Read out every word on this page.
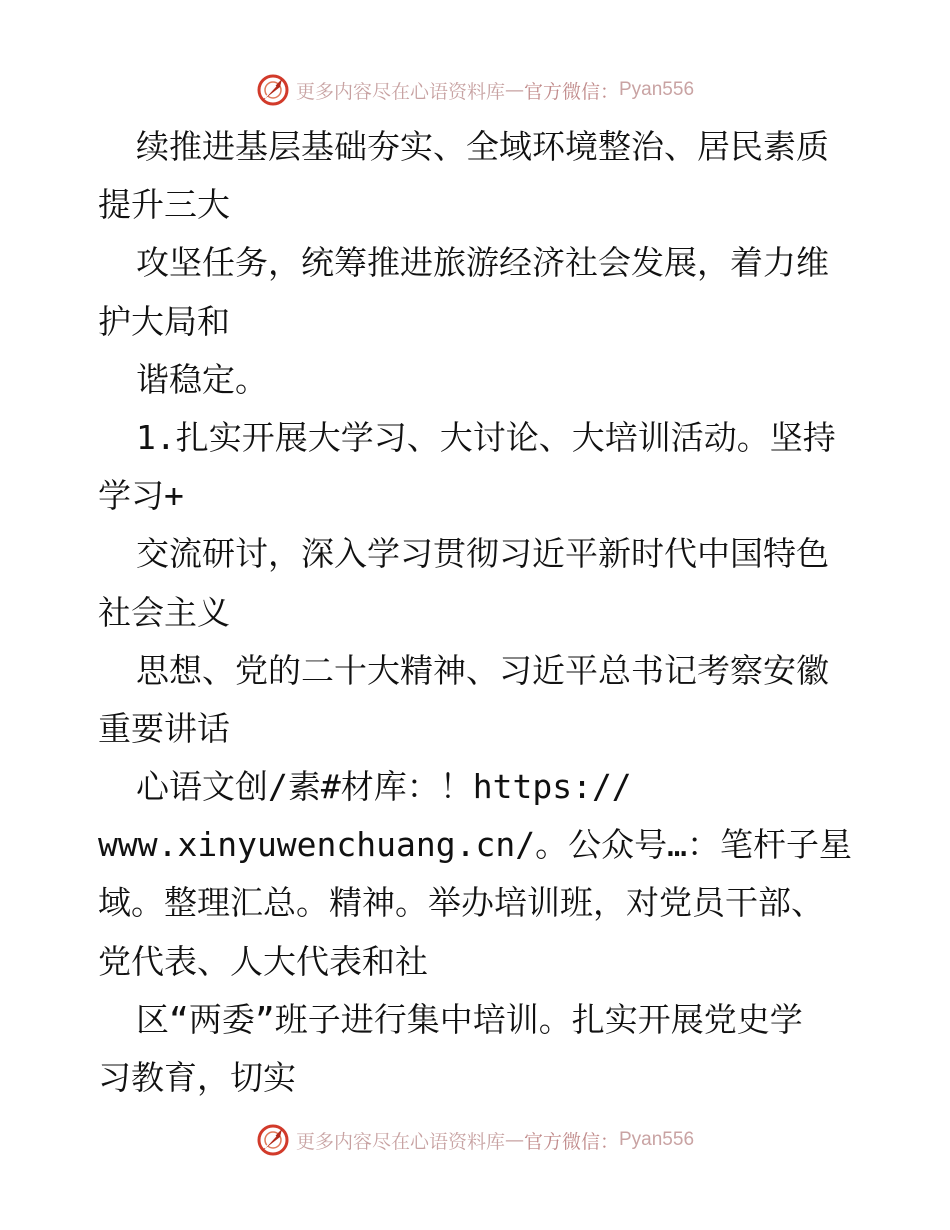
更多内容尽在心语资料库 — 官方微信： Pyan556
续推进基层基础夯实、全域环境整治、居民素质
提升三大
攻坚任务，统筹推进旅游经济社会发展，着力维
护大局和
谐稳定。
1.扎实开展大学习、大讨论、大培训活动。坚持
学习+
交流研讨，深入学习贯彻习近平新时代中国特色
社会主义
思想、党的二十大精神、习近平总书记考察安徽
重要讲话
心语文创/素#材库：！https://
www.xinyuwenchuang.cn/。公众号…：笔杆子星
域。整理汇总。精神。举办培训班，对党员干部、
党代表、人大代表和社
区“两委”班子进行集中培训。扎实开展党史学
习教育，切实
更多内容尽在心语资料库 — 官方微信： Pyan556
